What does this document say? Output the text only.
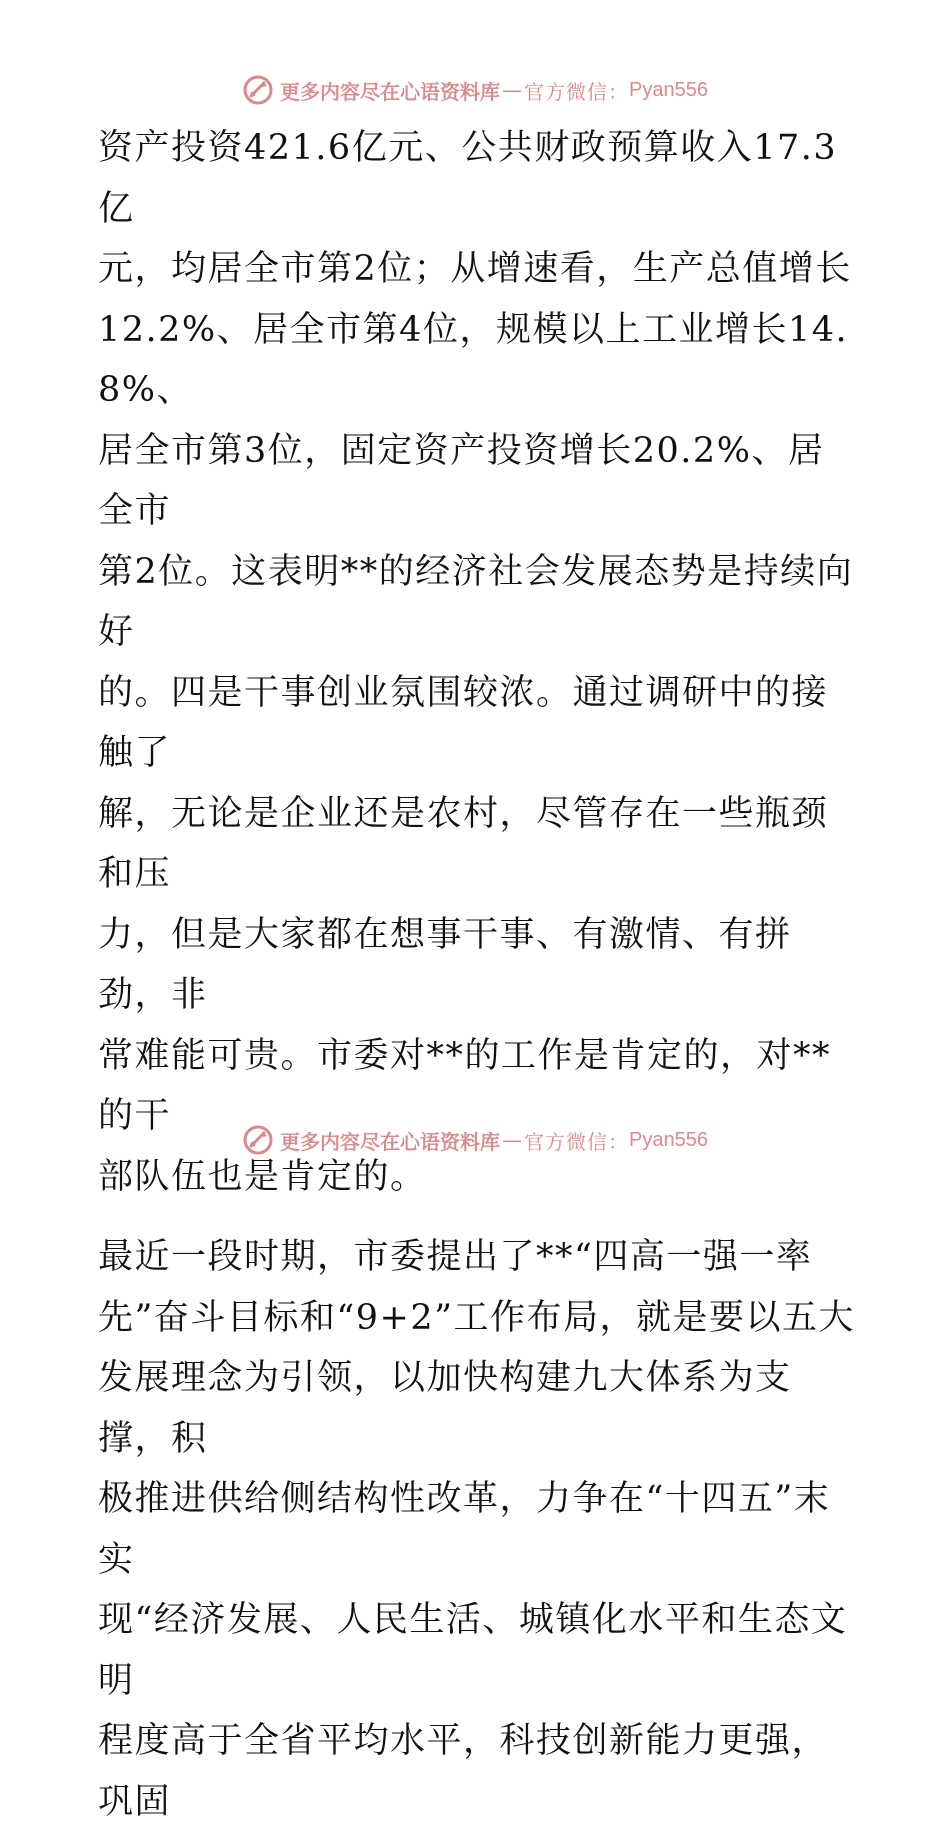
更多内容尽在心语资料库 — 官方微信： Pyan556

资产投资421.6亿元、公共财政预算收入17.3亿
元，均居全市第2位；从增速看，生产总值增长
12.2%、居全市第4位，规模以上工业增长14.8%、
居全市第3位，固定资产投资增长20.2%、居全市
第2位。这表明**的经济社会发展态势是持续向好
的。四是干事创业氛围较浓。通过调研中的接触了
解，无论是企业还是农村，尽管存在一些瓶颈和压
力，但是大家都在想事干事、有激情、有拼劲，非
常难能可贵。市委对**的工作是肯定的，对**的干
部队伍也是肯定的。

最近一段时期，市委提出了**“四高一强一率
先”奋斗目标和“9+2”工作布局，就是要以五大
发展理念为引领，以加快构建九大体系为支撑，积
极推进供给侧结构性改革，力争在“十四五”末实
现“经济发展、人民生活、城镇化水平和生态文明
程度高于全省平均水平，科技创新能力更强，巩固

更多内容尽在心语资料库 — 官方微信： Pyan556
